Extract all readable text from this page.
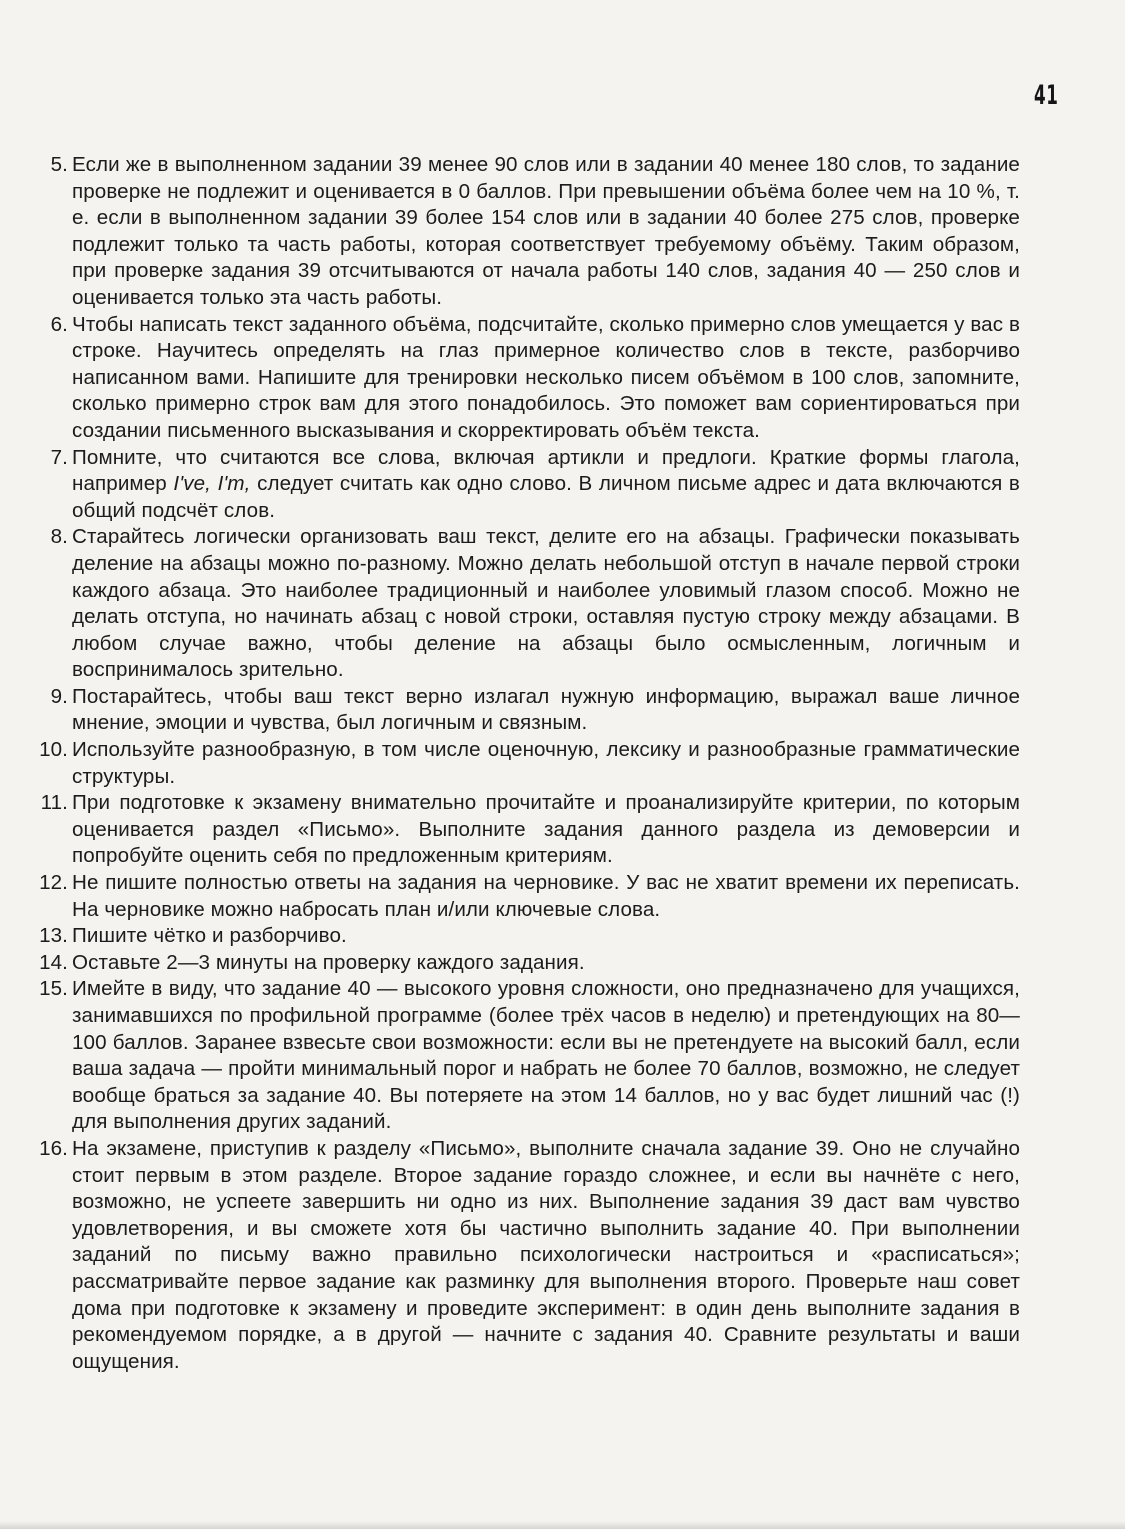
41
5. Если же в выполненном задании 39 менее 90 слов или в задании 40 менее 180 слов, то задание проверке не подлежит и оценивается в 0 баллов. При превышении объёма более чем на 10 %, т. е. если в выполненном задании 39 более 154 слов или в задании 40 более 275 слов, проверке подлежит только та часть работы, которая соответствует требуемому объёму. Таким образом, при проверке задания 39 отсчитываются от начала работы 140 слов, задания 40 — 250 слов и оценивается только эта часть работы.
6. Чтобы написать текст заданного объёма, подсчитайте, сколько примерно слов умещается у вас в строке. Научитесь определять на глаз примерное количество слов в тексте, разборчиво написанном вами. Напишите для тренировки несколько писем объёмом в 100 слов, запомните, сколько примерно строк вам для этого понадобилось. Это поможет вам сориентироваться при создании письменного высказывания и скорректировать объём текста.
7. Помните, что считаются все слова, включая артикли и предлоги. Краткие формы глагола, например I've, I'm, следует считать как одно слово. В личном письме адрес и дата включаются в общий подсчёт слов.
8. Старайтесь логически организовать ваш текст, делите его на абзацы. Графически показывать деление на абзацы можно по-разному. Можно делать небольшой отступ в начале первой строки каждого абзаца. Это наиболее традиционный и наиболее уловимый глазом способ. Можно не делать отступа, но начинать абзац с новой строки, оставляя пустую строку между абзацами. В любом случае важно, чтобы деление на абзацы было осмысленным, логичным и воспринималось зрительно.
9. Постарайтесь, чтобы ваш текст верно излагал нужную информацию, выражал ваше личное мнение, эмоции и чувства, был логичным и связным.
10. Используйте разнообразную, в том числе оценочную, лексику и разнообразные грамматические структуры.
11. При подготовке к экзамену внимательно прочитайте и проанализируйте критерии, по которым оценивается раздел «Письмо». Выполните задания данного раздела из демоверсии и попробуйте оценить себя по предложенным критериям.
12. Не пишите полностью ответы на задания на черновике. У вас не хватит времени их переписать. На черновике можно набросать план и/или ключевые слова.
13. Пишите чётко и разборчиво.
14. Оставьте 2—3 минуты на проверку каждого задания.
15. Имейте в виду, что задание 40 — высокого уровня сложности, оно предназначено для учащихся, занимавшихся по профильной программе (более трёх часов в неделю) и претендующих на 80—100 баллов. Заранее взвесьте свои возможности: если вы не претендуете на высокий балл, если ваша задача — пройти минимальный порог и набрать не более 70 баллов, возможно, не следует вообще браться за задание 40. Вы потеряете на этом 14 баллов, но у вас будет лишний час (!) для выполнения других заданий.
16. На экзамене, приступив к разделу «Письмо», выполните сначала задание 39. Оно не случайно стоит первым в этом разделе. Второе задание гораздо сложнее, и если вы начнёте с него, возможно, не успеете завершить ни одно из них. Выполнение задания 39 даст вам чувство удовлетворения, и вы сможете хотя бы частично выполнить задание 40. При выполнении заданий по письму важно правильно психологически настроиться и «расписаться»; рассматривайте первое задание как разминку для выполнения второго. Проверьте наш совет дома при подготовке к экзамену и проведите эксперимент: в один день выполните задания в рекомендуемом порядке, а в другой — начните с задания 40. Сравните результаты и ваши ощущения.
